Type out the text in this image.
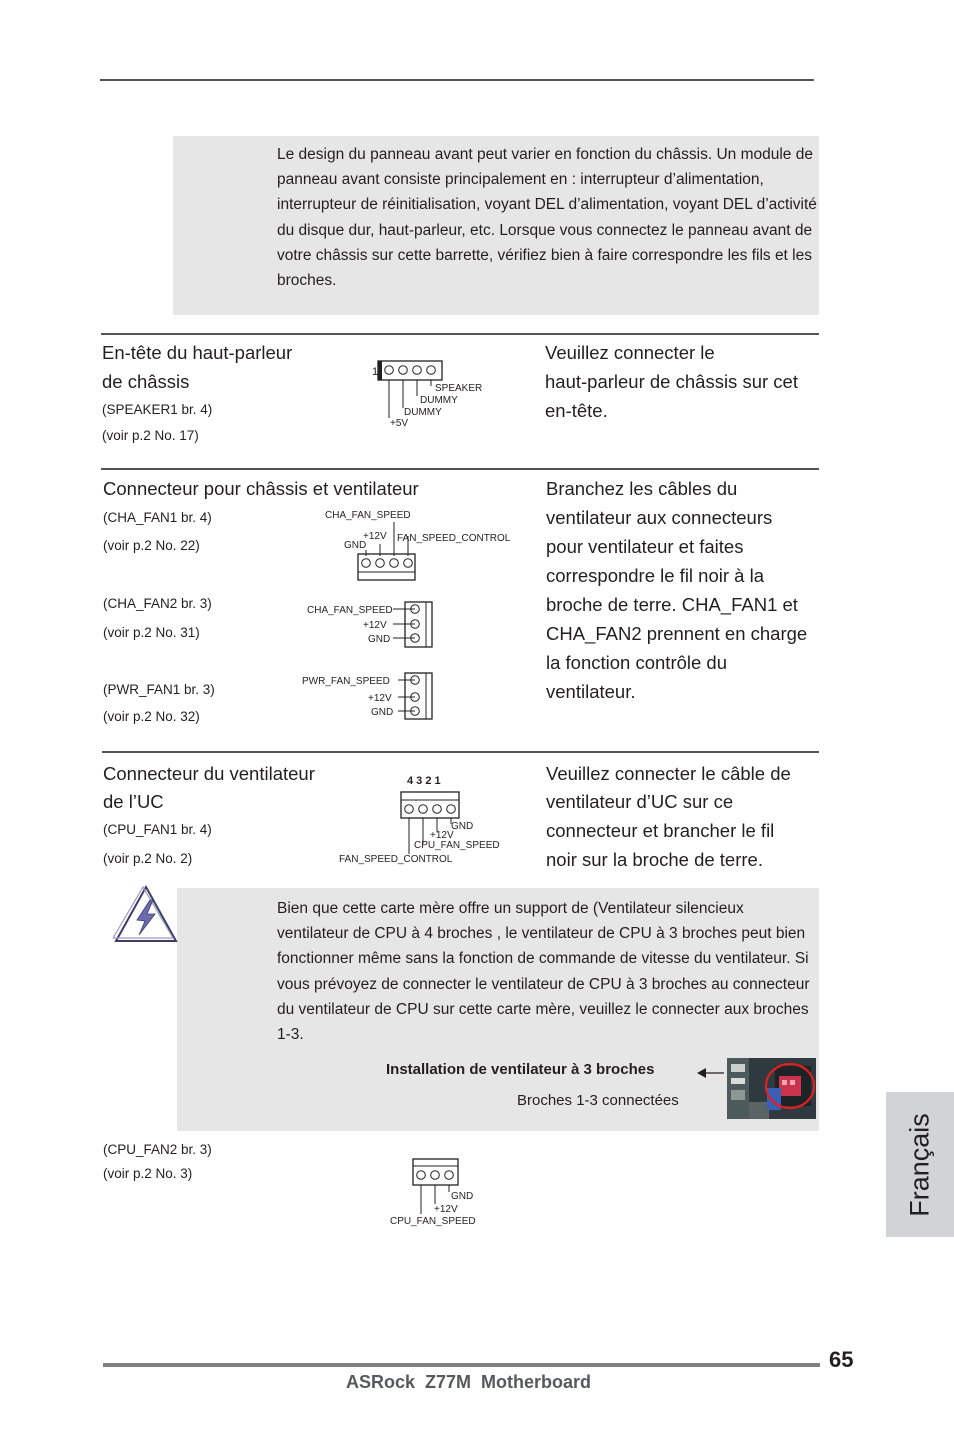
Le design du panneau avant peut varier en fonction du châssis. Un module de panneau avant consiste principalement en : interrupteur d’alimentation, interrupteur de réinitialisation, voyant DEL d’alimentation, voyant DEL d’activité du disque dur, haut-parleur, etc. Lorsque vous connectez le panneau avant de votre châssis sur cette barrette, vérifiez bien à faire correspondre les fils et les broches.
En-tête du haut-parleur
de châssis
(SPEAKER1 br. 4)
(voir p.2 No. 17)
Veuillez connecter le
haut-parleur de châssis sur cet
en-tête.
1
SPEAKER
DUMMY
DUMMY
+5V
Connecteur pour châssis et ventilateur
(CHA_FAN1 br. 4)
(voir p.2 No. 22)
(CHA_FAN2 br. 3)
(voir p.2 No. 31)
(PWR_FAN1 br. 3)
(voir p.2 No. 32)
Branchez les câbles du
ventilateur aux connecteurs
pour ventilateur et faites
correspondre le fil noir à la
broche de terre. CHA_FAN1 et
CHA_FAN2 prennent en charge
la fonction contrôle du
ventilateur.
CHA_FAN_SPEED
+12V
GND
FAN_SPEED_CONTROL
CHA_FAN_SPEED
+12V
GND
PWR_FAN_SPEED
+12V
GND
Connecteur du ventilateur
de l’UC
(CPU_FAN1 br. 4)
(voir p.2 No. 2)
Veuillez connecter le câble de
ventilateur d’UC sur ce
connecteur et brancher le fil
noir sur la broche de terre.
4 3 2 1
GND
+12V
CPU_FAN_SPEED
FAN_SPEED_CONTROL
Bien que cette carte mère offre un support de (Ventilateur silencieux ventilateur de CPU à 4 broches , le ventilateur de CPU à 3 broches peut bien fonctionner même sans la fonction de commande de vitesse du ventilateur. Si vous prévoyez de connecter le ventilateur de CPU à 3 broches au connecteur du ventilateur de CPU sur cette carte mère, veuillez le connecter aux broches 1-3.
Installation de ventilateur à 3 broches
Broches 1-3 connectées
(CPU_FAN2 br. 3)
(voir p.2 No. 3)
GND
+12V
CPU_FAN_SPEED
Français
65
ASRock  Z77M  Motherboard
